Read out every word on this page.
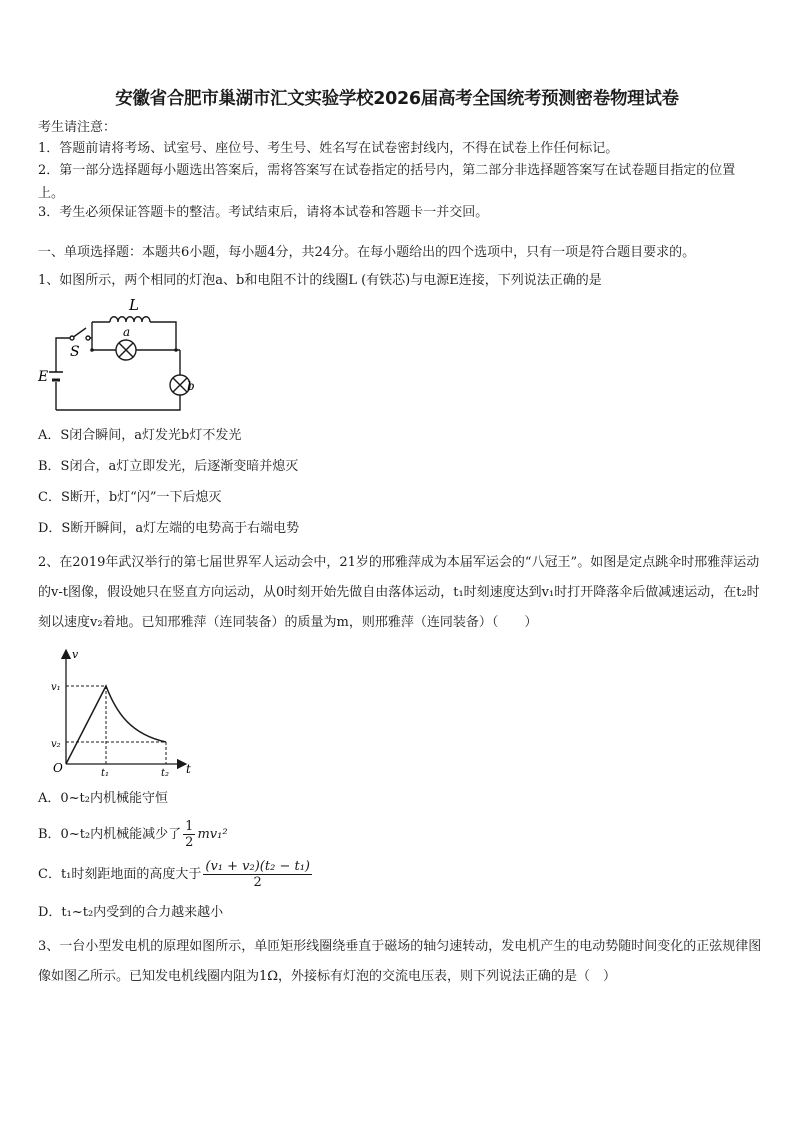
安徽省合肥市巢湖市汇文实验学校2026届高考全国统考预测密卷物理试卷
考生请注意：
1．答题前请将考场、试室号、座位号、考生号、姓名写在试卷密封线内，不得在试卷上作任何标记。
2．第一部分选择题每小题选出答案后，需将答案写在试卷指定的括号内，第二部分非选择题答案写在试卷题目指定的位置上。
3．考生必须保证答题卡的整洁。考试结束后，请将本试卷和答题卡一并交回。
一、单项选择题：本题共6小题，每小题4分，共24分。在每小题给出的四个选项中，只有一项是符合题目要求的。
1、如图所示，两个相同的灯泡a、b和电阻不计的线圈L (有铁芯)与电源E连接，下列说法正确的是
L
a
b
S
E
A．S闭合瞬间，a灯发光b灯不发光
B．S闭合，a灯立即发光，后逐渐变暗并熄灭
C．S断开，b灯“闪”一下后熄灭
D．S断开瞬间，a灯左端的电势高于右端电势
2、在2019年武汉举行的第七届世界军人运动会中，21岁的邢雅萍成为本届军运会的“八冠王”。如图是定点跳伞时邢雅萍运动的v-t图像，假设她只在竖直方向运动，从0时刻开始先做自由落体运动，t₁时刻速度达到v₁时打开降落伞后做减速运动，在t₂时刻以速度v₂着地。已知邢雅萍（连同装备）的质量为m，则邢雅萍（连同装备）（　　）
v
t
O
v₁
v₂
t₁	t₂
A．0~t₂内机械能守恒
B．0~t₂内机械能减少了 $\frac{1}{2} mv_1^2$
C．t₁时刻距地面的高度大于 $\frac{\text{(v₁ + v₂)(t₂ − t₁)}}{2}$
D．t₁~t₂内受到的合力越来越小
3、一台小型发电机的原理如图所示，单匝矩形线圈绕垂直于磁场的轴匀速转动，发电机产生的电动势随时间变化的正弦规律图像如图乙所示。已知发电机线圈内阻为1Ω，外接标有灯泡的交流电压表，则下列说法正确的是（　）
